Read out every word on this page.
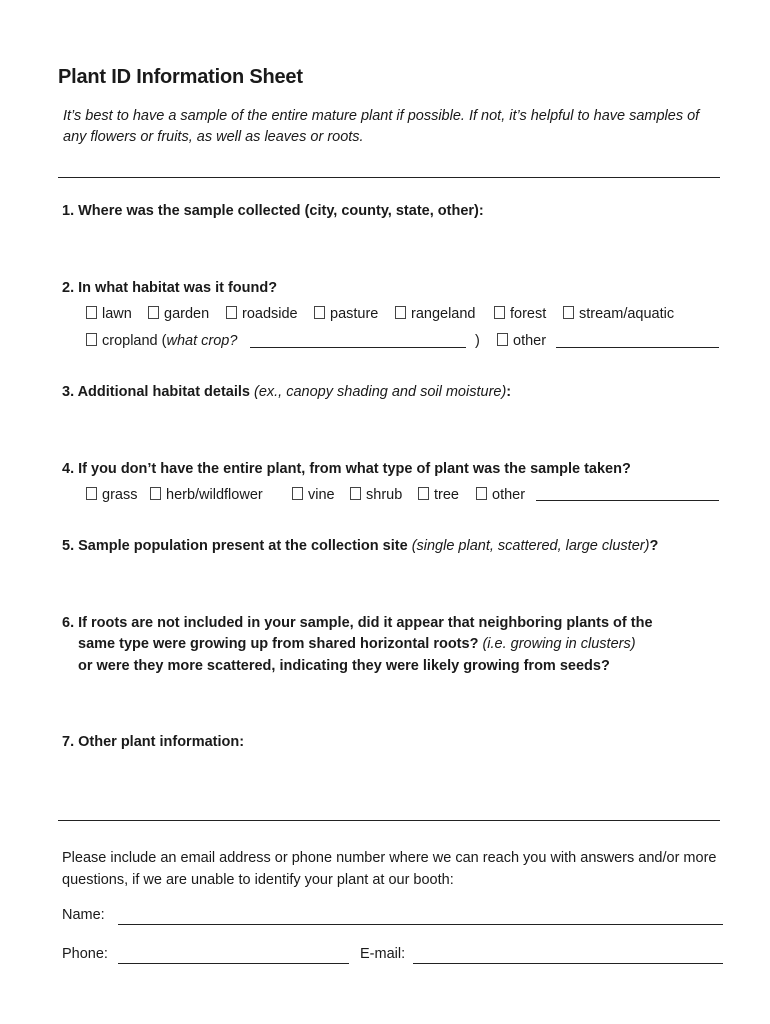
Plant ID Information Sheet
It’s best to have a sample of the entire mature plant if possible. If not, it’s helpful to have samples of any flowers or fruits, as well as leaves or roots.
1. Where was the sample collected (city, county, state, other):
2. In what habitat was it found?
lawn	garden	roadside	pasture	rangeland	forest	stream/aquatic
cropland (what crop?	)	other
3. Additional habitat details (ex., canopy shading and soil moisture):
4. If you don’t have the entire plant, from what type of plant was the sample taken?
grass	herb/wildflower	vine	shrub	tree	other
5. Sample population present at the collection site (single plant, scattered, large cluster)?
6. If roots are not included in your sample, did it appear that neighboring plants of the
same type were growing up from shared horizontal roots? (i.e. growing in clusters)
or were they more scattered, indicating they were likely growing from seeds?
7. Other plant information:
Please include an email address or phone number where we can reach you with answers and/or more questions, if we are unable to identify your plant at our booth:
Name:
Phone:	E-mail:
